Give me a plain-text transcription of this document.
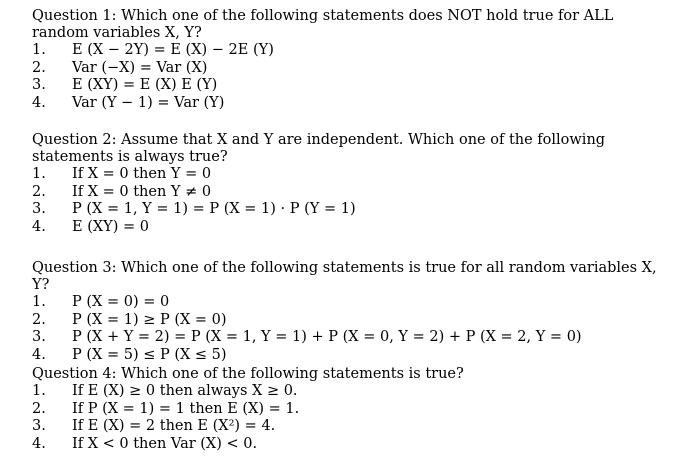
Question 1: Which one of the following statements does NOT hold true for ALL random variables X, Y?

1.	E (X − 2Y) = E (X) − 2E (Y)
2.	Var (−X) = Var (X)
3.	E (XY) = E (X) E (Y)
4.	Var (Y − 1) = Var (Y)

Question 2: Assume that X and Y are independent. Which one of the following statements is always true?

1.	If X = 0 then Y = 0
2.	If X = 0 then Y ≠ 0
3.	P (X = 1, Y = 1) = P (X = 1) · P (Y = 1)
4.	E (XY) = 0

Question 3: Which one of the following statements is true for all random variables X, Y?

1.	P (X = 0) = 0
2.	P (X = 1) ≥ P (X = 0)
3.	P (X + Y = 2) = P (X = 1, Y = 1) + P (X = 0, Y = 2) + P (X = 2, Y = 0)
4.	P (X = 5) ≤ P (X ≤ 5)

Question 4: Which one of the following statements is true?

1.	If E (X) ≥ 0 then always X ≥ 0.
2.	If P (X = 1) = 1 then E (X) = 1.
3.	If E (X) = 2 then E (X²) = 4.
4.	If X < 0 then Var (X) < 0.
